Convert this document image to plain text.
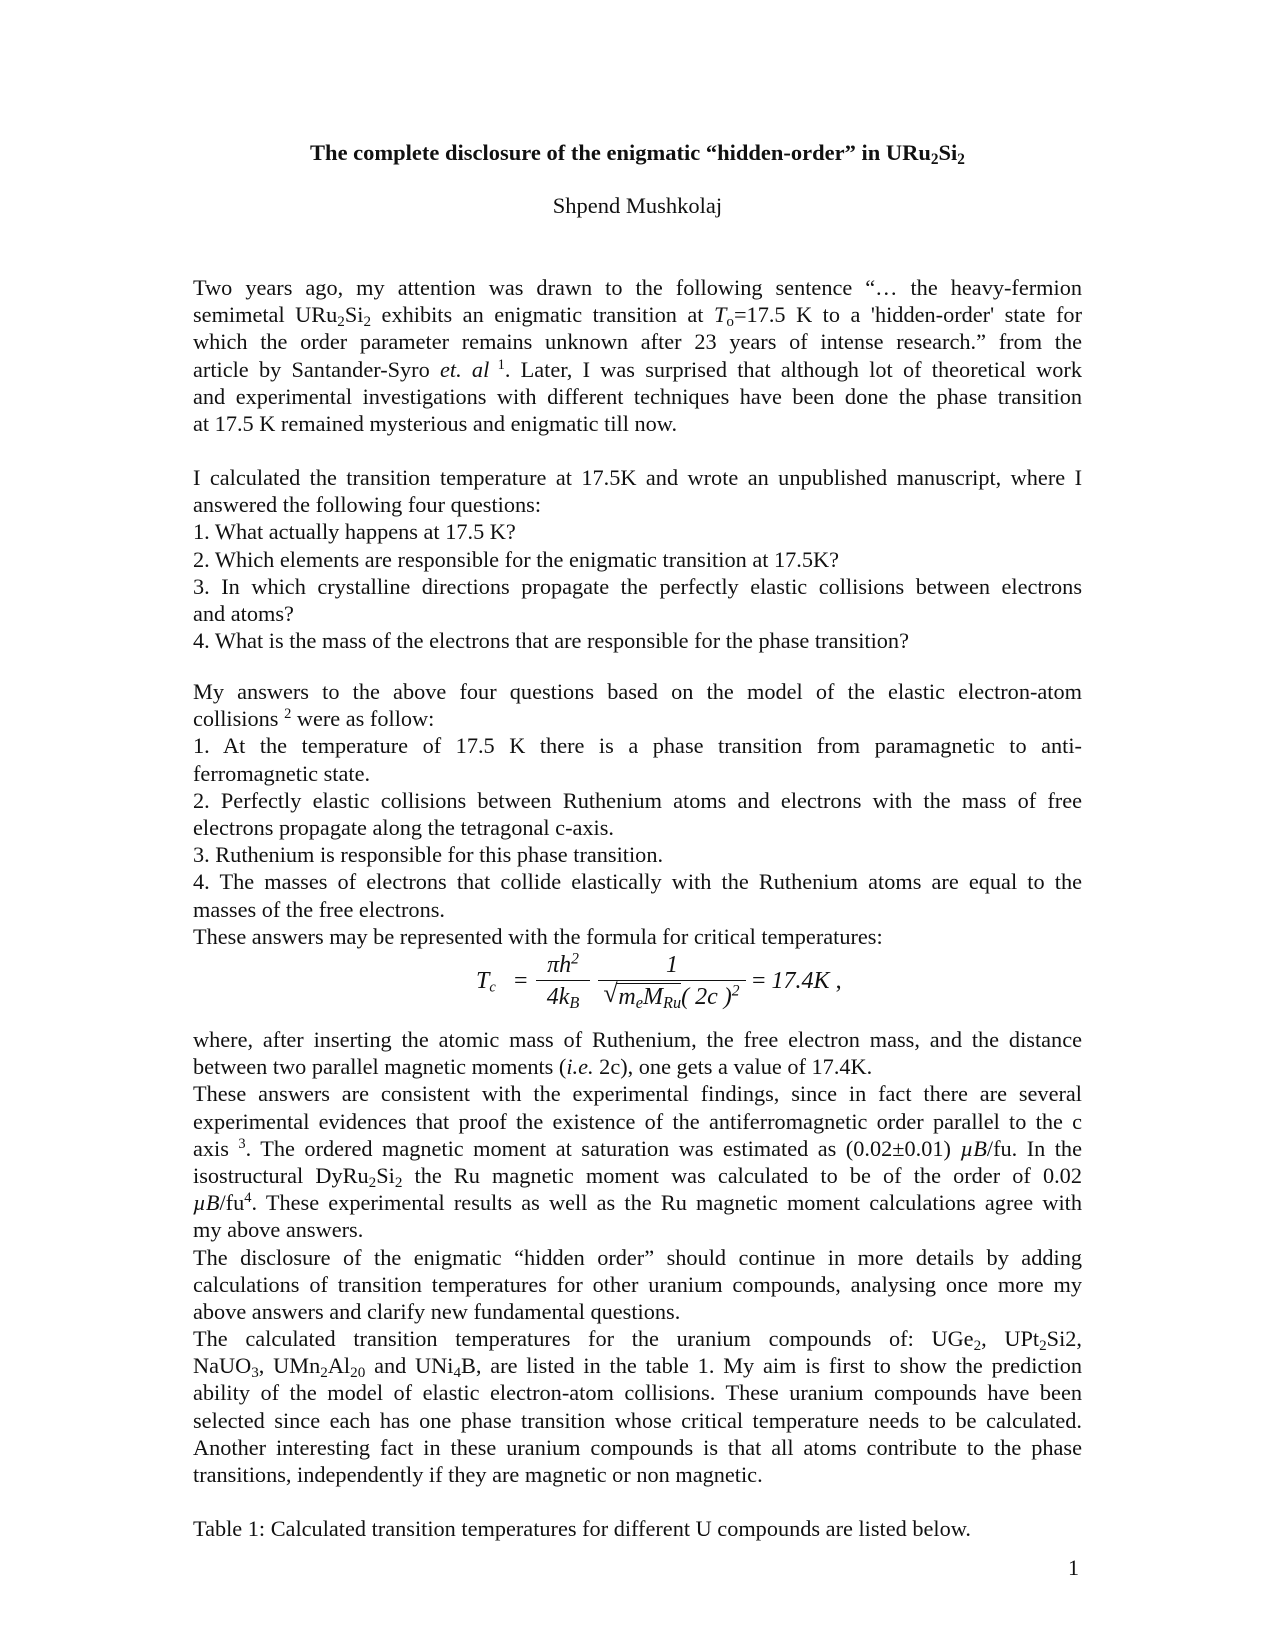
The complete disclosure of the enigmatic “hidden-order” in $URu_2Si_2$
Shpend Mushkolaj
Two years ago, my attention was drawn to the following sentence “… the heavy-fermion
semimetal $URu_2Si_2$ exhibits an enigmatic transition at $T_o=17.5$ K to a 'hidden-order' state for
which the order parameter remains unknown after 23 years of intense research.” from the
article by Santander-Syro et. al $^1$. Later, I was surprised that although lot of theoretical work
and experimental investigations with different techniques have been done the phase transition
at 17.5 K remained mysterious and enigmatic till now.
I calculated the transition temperature at 17.5K and wrote an unpublished manuscript, where I
answered the following four questions:
1. What actually happens at 17.5 K?
2. Which elements are responsible for the enigmatic transition at 17.5K?
3. In which crystalline directions propagate the perfectly elastic collisions between electrons
and atoms?
4. What is the mass of the electrons that are responsible for the phase transition?
My answers to the above four questions based on the model of the elastic electron-atom
collisions $^2$ were as follow:
1. At the temperature of 17.5 K there is a phase transition from paramagnetic to anti-
ferromagnetic state.
2. Perfectly elastic collisions between Ruthenium atoms and electrons with the mass of free
electrons propagate along the tetragonal c-axis.
3. Ruthenium is responsible for this phase transition.
4. The masses of electrons that collide elastically with the Ruthenium atoms are equal to the
masses of the free electrons.
These answers may be represented with the formula for critical temperatures:
$T_c$ =
$\pi h^2$
$4k_B$
1
√ $m_eM_{Ru}$( 2c )$^2$ = 17.4K ,
where, after inserting the atomic mass of Ruthenium, the free electron mass, and the distance
between two parallel magnetic moments (i.e. 2c), one gets a value of 17.4K.
These answers are consistent with the experimental findings, since in fact there are several
experimental evidences that proof the existence of the antiferromagnetic order parallel to the c
axis $^3$. The ordered magnetic moment at saturation was estimated as (0.02±0.01) µB/fu. In the
isostructural $DyRu_2Si_2$ the Ru magnetic moment was calculated to be of the order of 0.02
$\mu B/fu^4$. These experimental results as well as the Ru magnetic moment calculations agree with
my above answers.
The disclosure of the enigmatic “hidden order” should continue in more details by adding
calculations of transition temperatures for other uranium compounds, analysing once more my
above answers and clarify new fundamental questions.
The calculated transition temperatures for the uranium compounds of: UGe$_2$, UPt$_2$Si2,
NaUO$_3$, $UMn_2Al_{20}$ and UNi$_4$B, are listed in the table 1. My aim is first to show the prediction
ability of the model of elastic electron-atom collisions. These uranium compounds have been
selected since each has one phase transition whose critical temperature needs to be calculated.
Another interesting fact in these uranium compounds is that all atoms contribute to the phase
transitions, independently if they are magnetic or non magnetic.
Table 1: Calculated transition temperatures for different U compounds are listed below.
1
